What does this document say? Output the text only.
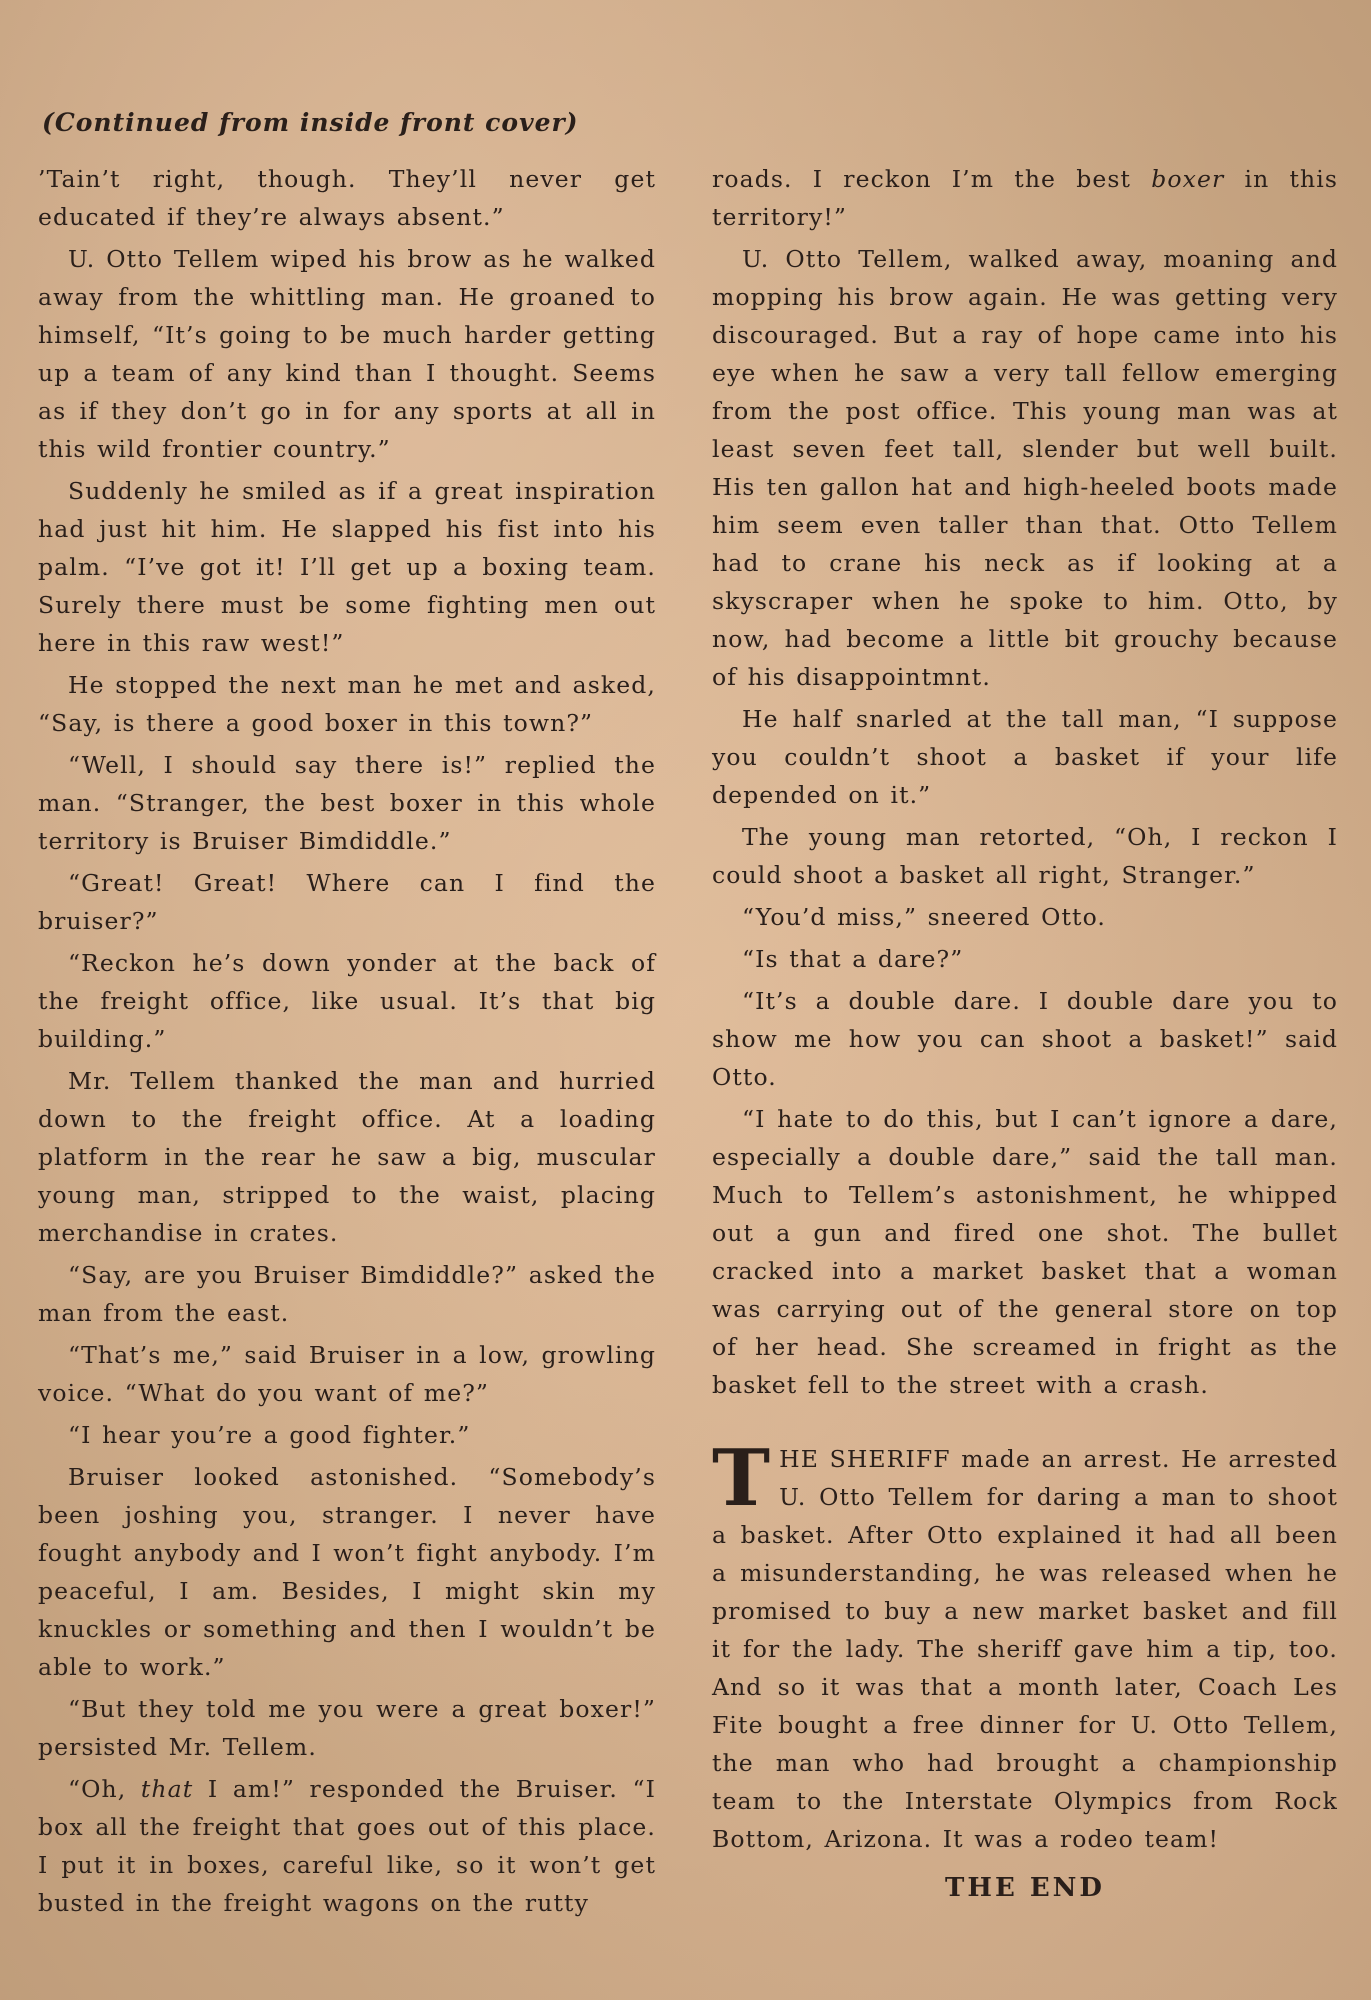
(Continued from inside front cover)

’Tain’t right, though. They’ll never get educated if they’re always absent.”

U. Otto Tellem wiped his brow as he walked away from the whittling man. He groaned to himself, “It’s going to be much harder getting up a team of any kind than I thought. Seems as if they don’t go in for any sports at all in this wild frontier country.”

Suddenly he smiled as if a great inspiration had just hit him. He slapped his fist into his palm. “I’ve got it! I’ll get up a boxing team. Surely there must be some fighting men out here in this raw west!”

He stopped the next man he met and asked, “Say, is there a good boxer in this town?”

“Well, I should say there is!” replied the man. “Stranger, the best boxer in this whole territory is Bruiser Bimdiddle.”

“Great! Great! Where can I find the bruiser?”

“Reckon he’s down yonder at the back of the freight office, like usual. It’s that big building.”

Mr. Tellem thanked the man and hurried down to the freight office. At a loading platform in the rear he saw a big, muscular young man, stripped to the waist, placing merchandise in crates.

“Say, are you Bruiser Bimdiddle?” asked the man from the east.

“That’s me,” said Bruiser in a low, growling voice. “What do you want of me?”

“I hear you’re a good fighter.”

Bruiser looked astonished. “Somebody’s been joshing you, stranger. I never have fought anybody and I won’t fight anybody. I’m peaceful, I am. Besides, I might skin my knuckles or something and then I wouldn’t be able to work.”

“But they told me you were a great boxer!” persisted Mr. Tellem.

“Oh, that I am!” responded the Bruiser. “I box all the freight that goes out of this place. I put it in boxes, careful like, so it won’t get busted in the freight wagons on the rutty

roads. I reckon I’m the best boxer in this territory!”

U. Otto Tellem, walked away, moaning and mopping his brow again. He was getting very discouraged. But a ray of hope came into his eye when he saw a very tall fellow emerging from the post office. This young man was at least seven feet tall, slender but well built. His ten gallon hat and high-heeled boots made him seem even taller than that. Otto Tellem had to crane his neck as if looking at a skyscraper when he spoke to him. Otto, by now, had become a little bit grouchy because of his disappointmnt.

He half snarled at the tall man, “I suppose you couldn’t shoot a basket if your life depended on it.”

The young man retorted, “Oh, I reckon I could shoot a basket all right, Stranger.”

“You’d miss,” sneered Otto.

“Is that a dare?”

“It’s a double dare. I double dare you to show me how you can shoot a basket!” said Otto.

“I hate to do this, but I can’t ignore a dare, especially a double dare,” said the tall man. Much to Tellem’s astonishment, he whipped out a gun and fired one shot. The bullet cracked into a market basket that a woman was carrying out of the general store on top of her head. She screamed in fright as the basket fell to the street with a crash.

THE SHERIFF made an arrest. He arrested U. Otto Tellem for daring a man to shoot a basket. After Otto explained it had all been a misunderstanding, he was released when he promised to buy a new market basket and fill it for the lady. The sheriff gave him a tip, too. And so it was that a month later, Coach Les Fite bought a free dinner for U. Otto Tellem, the man who had brought a championship team to the Interstate Olympics from Rock Bottom, Arizona. It was a rodeo team!

THE END
